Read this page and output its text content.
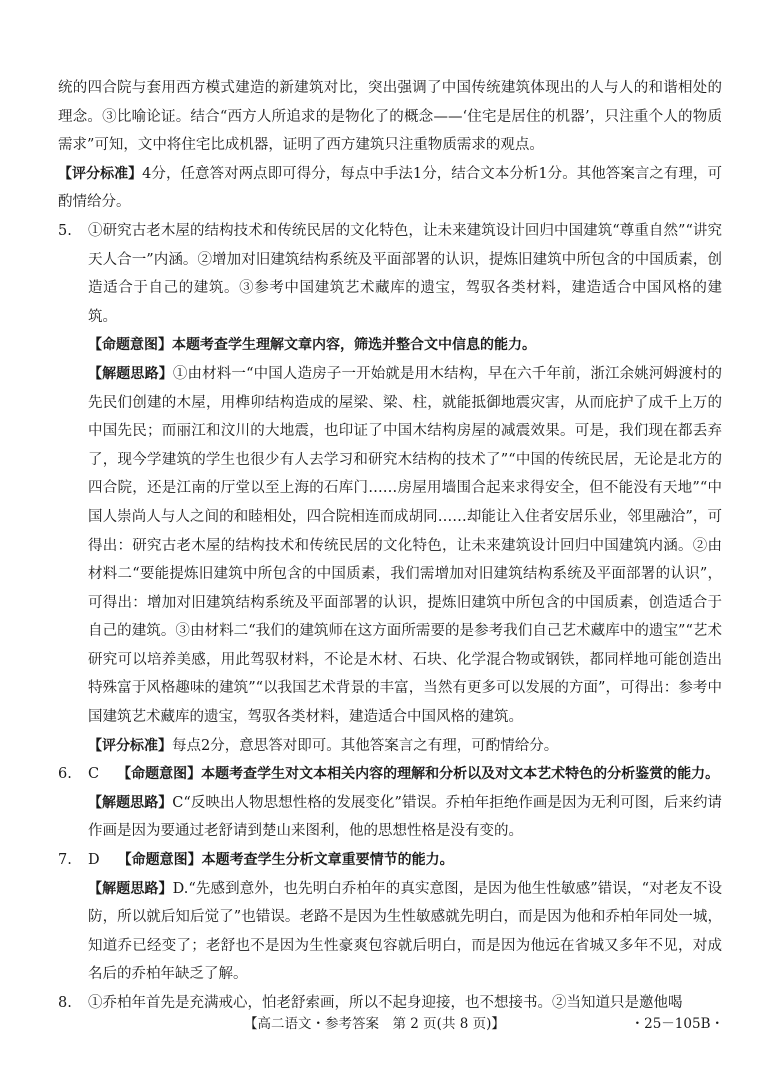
统的四合院与套用西方模式建造的新建筑对比，突出强调了中国传统建筑体现出的人与人的和谐相处的理念。③比喻论证。结合“西方人所追求的是物化了的概念——‘住宅是居住的机器’，只注重个人的物质需求”可知，文中将住宅比成机器，证明了西方建筑只注重物质需求的观点。

【评分标准】4分，任意答对两点即可得分，每点中手法1分，结合文本分析1分。其他答案言之有理，可酌情给分。

5.	①研究古老木屋的结构技术和传统民居的文化特色，让未来建筑设计回归中国建筑“尊重自然”“讲究天人合一”内涵。②增加对旧建筑结构系统及平面部署的认识，提炼旧建筑中所包含的中国质素，创造适合于自己的建筑。③参考中国建筑艺术藏库的遗宝，驾驭各类材料，建造适合中国风格的建筑。

【命题意图】本题考查学生理解文章内容，筛选并整合文中信息的能力。

【解题思路】①由材料一“中国人造房子一开始就是用木结构，早在六千年前，浙江余姚河姆渡村的先民们创建的木屋，用榫卯结构造成的屋梁、梁、柱，就能抵御地震灾害，从而庇护了成千上万的中国先民；而丽江和汶川的大地震，也印证了中国木结构房屋的减震效果。可是，我们现在都丢弃了，现今学建筑的学生也很少有人去学习和研究木结构的技术了”“中国的传统民居，无论是北方的四合院，还是江南的厅堂以至上海的石库门……房屋用墙围合起来求得安全，但不能没有天地”“中国人崇尚人与人之间的和睦相处，四合院相连而成胡同……却能让入住者安居乐业，邻里融洽”，可得出：研究古老木屋的结构技术和传统民居的文化特色，让未来建筑设计回归中国建筑内涵。②由材料二“要能提炼旧建筑中所包含的中国质素，我们需增加对旧建筑结构系统及平面部署的认识”，可得出：增加对旧建筑结构系统及平面部署的认识，提炼旧建筑中所包含的中国质素，创造适合于自己的建筑。③由材料二“我们的建筑师在这方面所需要的是参考我们自己艺术藏库中的遗宝”“艺术研究可以培养美感，用此驾驭材料，不论是木材、石块、化学混合物或钢铁，都同样地可能创造出特殊富于风格趣味的建筑”“以我国艺术背景的丰富，当然有更多可以发展的方面”，可得出：参考中国建筑艺术藏库的遗宝，驾驭各类材料，建造适合中国风格的建筑。

【评分标准】每点2分，意思答对即可。其他答案言之有理，可酌情给分。

6.	C 【命题意图】本题考查学生对文本相关内容的理解和分析以及对文本艺术特色的分析鉴赏的能力。

【解题思路】C“反映出人物思想性格的发展变化”错误。乔柏年拒绝作画是因为无利可图，后来约请作画是因为要通过老舒请到楚山来图利，他的思想性格是没有变的。

7.	D 【命题意图】本题考查学生分析文章重要情节的能力。

【解题思路】D.“先感到意外，也先明白乔柏年的真实意图，是因为他生性敏感”错误，“对老友不设防，所以就后知后觉了”也错误。老路不是因为生性敏感就先明白，而是因为他和乔柏年同处一城，知道乔已经变了；老舒也不是因为生性豪爽包容就后明白，而是因为他远在省城又多年不见，对成名后的乔柏年缺乏了解。

8.	①乔柏年首先是充满戒心，怕老舒索画，所以不起身迎接，也不想接书。②当知道只是邀他喝

【高二语文・参考答案　第 2 页(共 8 页)】	・25－105B・
